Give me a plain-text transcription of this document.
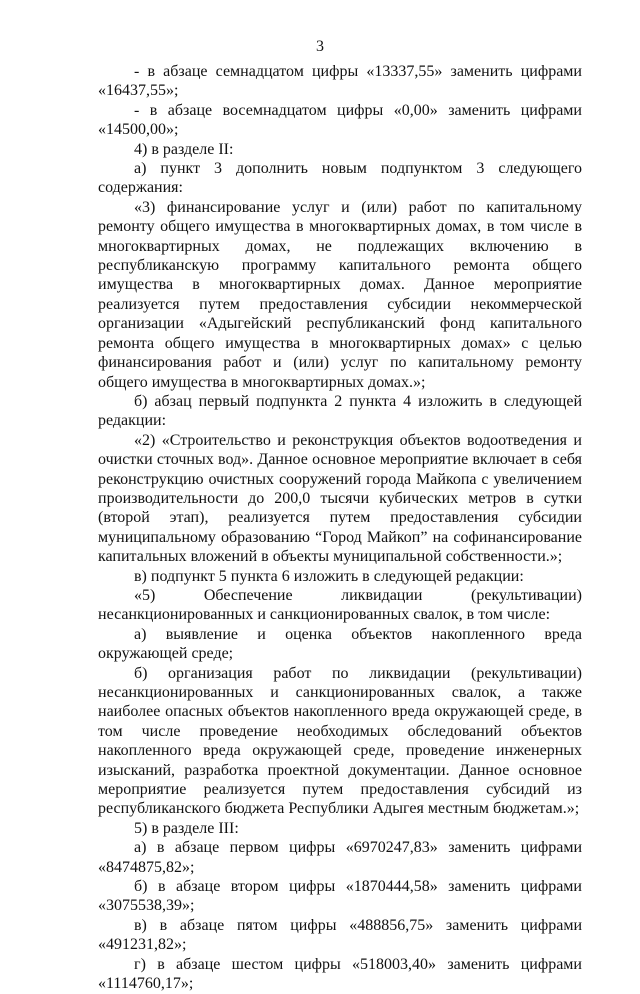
3

- в абзаце семнадцатом цифры «13337,55» заменить цифрами «16437,55»;

- в абзаце восемнадцатом цифры «0,00» заменить цифрами «14500,00»;

4) в разделе II:

а) пункт 3 дополнить новым подпунктом 3 следующего содержания:

«3) финансирование услуг и (или) работ по капитальному ремонту общего имущества в многоквартирных домах, в том числе в многоквартирных домах, не подлежащих включению в республиканскую программу капитального ремонта общего имущества в многоквартирных домах. Данное мероприятие реализуется путем предоставления субсидии некоммерческой организации «Адыгейский республиканский фонд капитального ремонта общего имущества в многоквартирных домах» с целью финансирования работ и (или) услуг по капитальному ремонту общего имущества в многоквартирных домах.»;

б) абзац первый подпункта 2 пункта 4 изложить в следующей редакции:

«2) «Строительство и реконструкция объектов водоотведения и очистки сточных вод». Данное основное мероприятие включает в себя реконструкцию очистных сооружений города Майкопа с увеличением производительности до 200,0 тысячи кубических метров в сутки (второй этап), реализуется путем предоставления субсидии муниципальному образованию “Город Майкоп” на софинансирование капитальных вложений в объекты муниципальной собственности.»;

в) подпункт 5 пункта 6 изложить в следующей редакции:

«5) Обеспечение ликвидации (рекультивации) несанкционированных и санкционированных свалок, в том числе:

а) выявление и оценка объектов накопленного вреда окружающей среде;

б) организация работ по ликвидации (рекультивации) несанкционированных и санкционированных свалок, а также наиболее опасных объектов накопленного вреда окружающей среде, в том числе проведение необходимых обследований объектов накопленного вреда окружающей среде, проведение инженерных изысканий, разработка проектной документации. Данное основное мероприятие реализуется путем предоставления субсидий из республиканского бюджета Республики Адыгея местным бюджетам.»;

5) в разделе III:

а) в абзаце первом цифры «6970247,83» заменить цифрами «8474875,82»;

б) в абзаце втором цифры «1870444,58» заменить цифрами «3075538,39»;

в) в абзаце пятом цифры «488856,75» заменить цифрами «491231,82»;

г) в абзаце шестом цифры «518003,40» заменить цифрами «1114760,17»;
